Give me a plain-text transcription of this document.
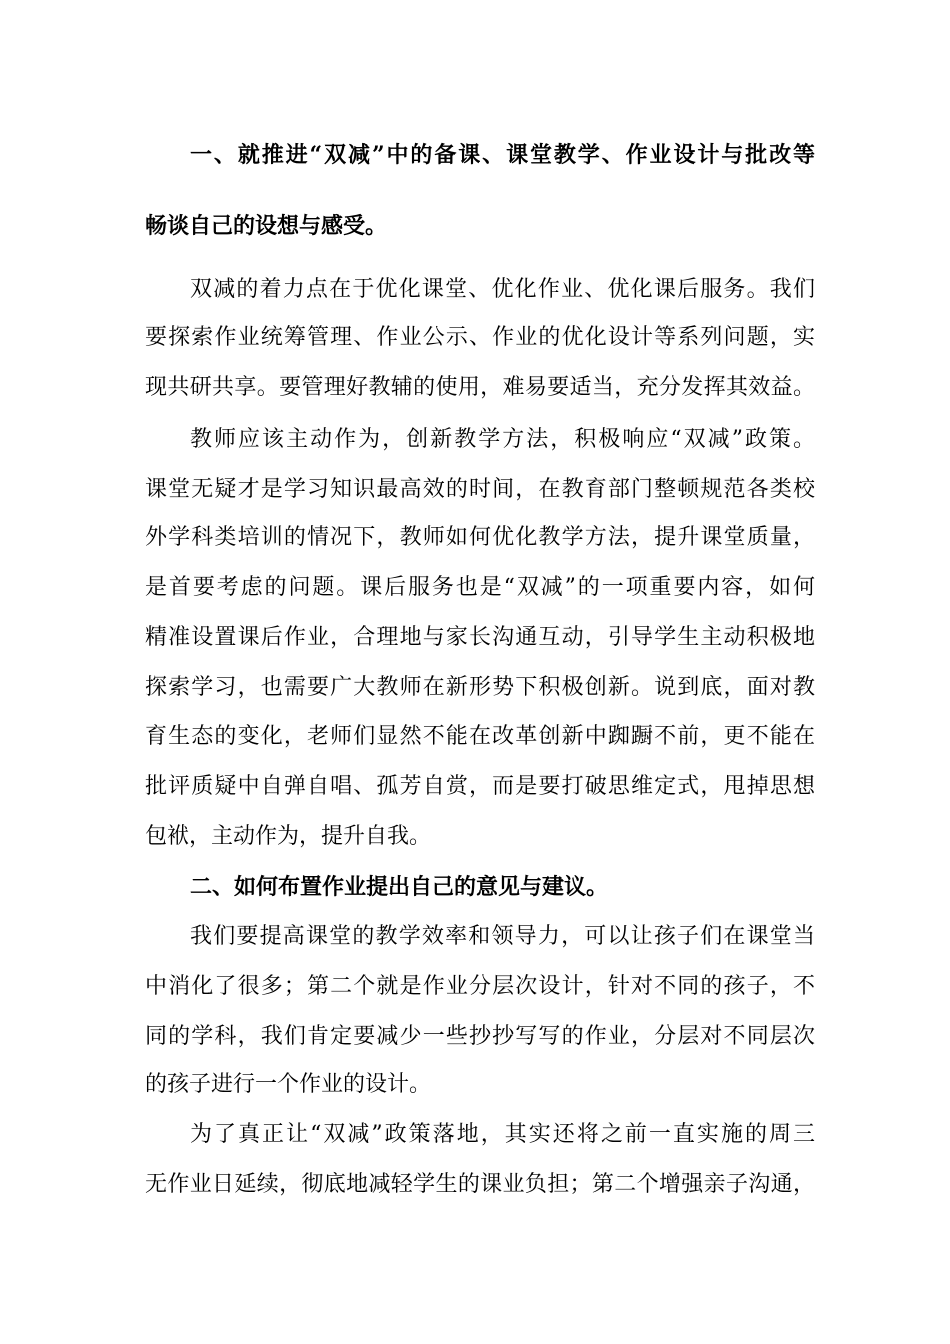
一、就推进“双减”中的备课、课堂教学、作业设计与批改等
畅谈自己的设想与感受。
双减的着力点在于优化课堂、优化作业、优化课后服务。我们
要探索作业统筹管理、作业公示、作业的优化设计等系列问题，实
现共研共享。要管理好教辅的使用，难易要适当，充分发挥其效益。
教师应该主动作为，创新教学方法，积极响应“双减”政策。
课堂无疑才是学习知识最高效的时间，在教育部门整顿规范各类校
外学科类培训的情况下，教师如何优化教学方法，提升课堂质量，
是首要考虑的问题。课后服务也是“双减”的一项重要内容，如何
精准设置课后作业，合理地与家长沟通互动，引导学生主动积极地
探索学习，也需要广大教师在新形势下积极创新。说到底，面对教
育生态的变化，老师们显然不能在改革创新中踟蹰不前，更不能在
批评质疑中自弹自唱、孤芳自赏，而是要打破思维定式，甩掉思想
包袱，主动作为，提升自我。
二、如何布置作业提出自己的意见与建议。
我们要提高课堂的教学效率和领导力，可以让孩子们在课堂当
中消化了很多；第二个就是作业分层次设计，针对不同的孩子，不
同的学科，我们肯定要减少一些抄抄写写的作业，分层对不同层次
的孩子进行一个作业的设计。
为了真正让“双减”政策落地，其实还将之前一直实施的周三
无作业日延续，彻底地减轻学生的课业负担；第二个增强亲子沟通，
